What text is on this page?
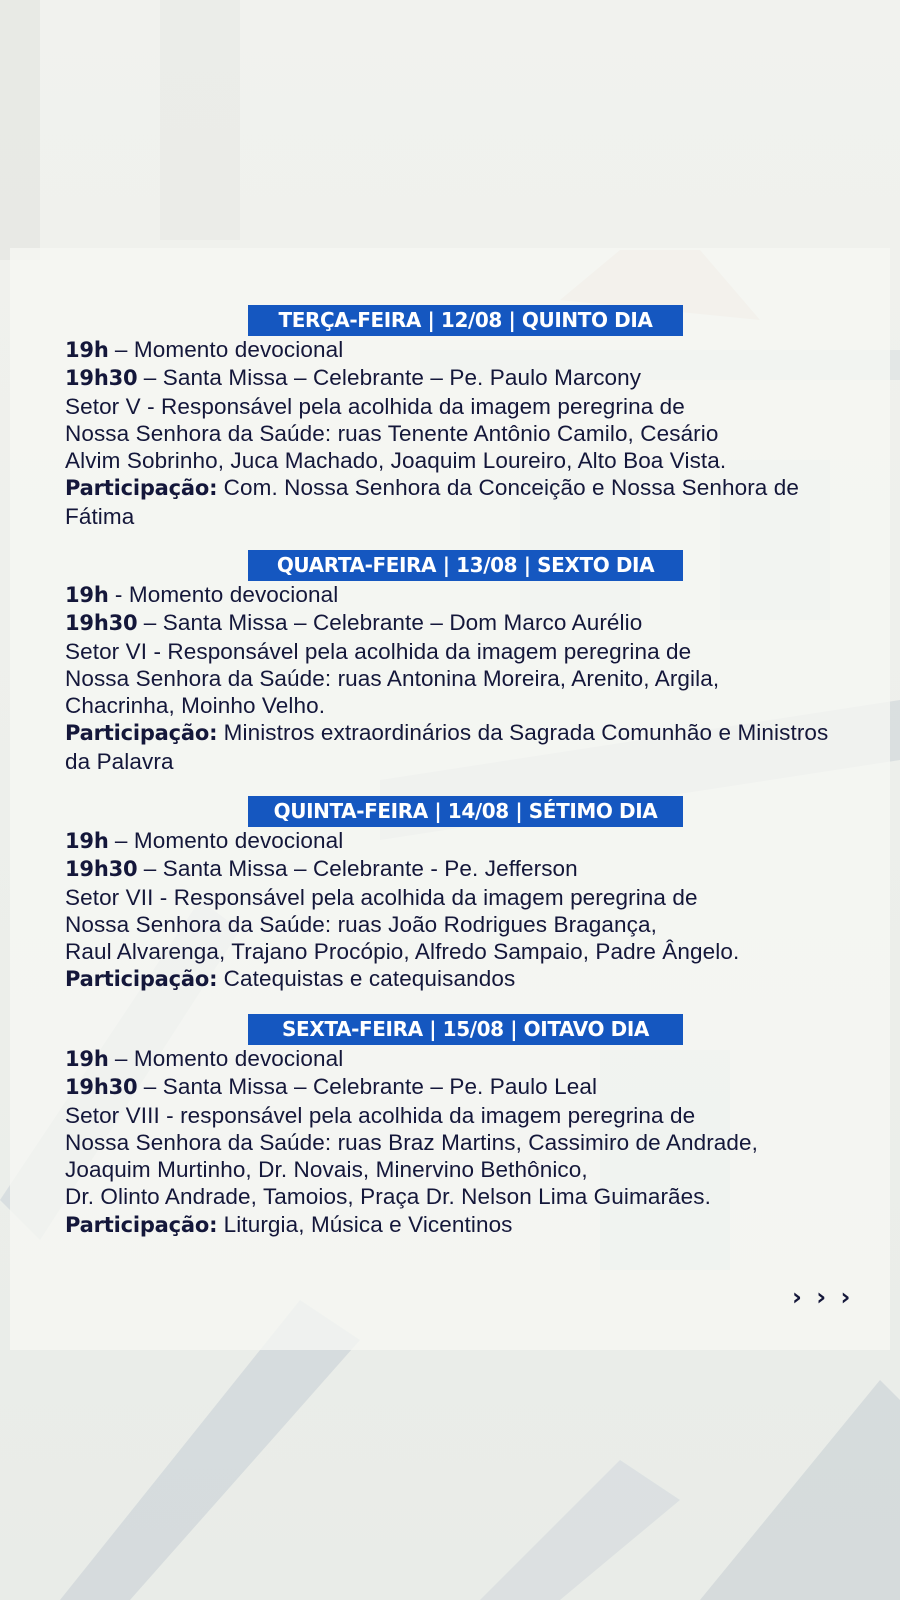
TERÇA-FEIRA | 12/08 | QUINTO DIA
19h – Momento devocional
19h30 – Santa Missa – Celebrante – Pe. Paulo Marcony
Setor V - Responsável pela acolhida da imagem peregrina de
Nossa Senhora da Saúde: ruas Tenente Antônio Camilo, Cesário
Alvim Sobrinho, Juca Machado, Joaquim Loureiro, Alto Boa Vista.
Participação: Com. Nossa Senhora da Conceição e Nossa Senhora de Fátima
QUARTA-FEIRA | 13/08 | SEXTO DIA
19h - Momento devocional
19h30 – Santa Missa – Celebrante – Dom Marco Aurélio
Setor VI - Responsável pela acolhida da imagem peregrina de
Nossa Senhora da Saúde: ruas Antonina Moreira, Arenito, Argila,
Chacrinha, Moinho Velho.
Participação: Ministros extraordinários da Sagrada Comunhão e Ministros da Palavra
QUINTA-FEIRA | 14/08 | SÉTIMO DIA
19h – Momento devocional
19h30 – Santa Missa – Celebrante - Pe. Jefferson
Setor VII - Responsável pela acolhida da imagem peregrina de
Nossa Senhora da Saúde: ruas João Rodrigues Bragança,
Raul Alvarenga, Trajano Procópio, Alfredo Sampaio, Padre Ângelo.
Participação: Catequistas e catequisandos
SEXTA-FEIRA | 15/08 | OITAVO DIA
19h – Momento devocional
19h30 – Santa Missa – Celebrante – Pe. Paulo Leal
Setor VIII - responsável pela acolhida da imagem peregrina de
Nossa Senhora da Saúde: ruas Braz Martins, Cassimiro de Andrade,
Joaquim Murtinho, Dr. Novais, Minervino Bethônico,
Dr. Olinto Andrade, Tamoios, Praça Dr. Nelson Lima Guimarães.
Participação: Liturgia, Música e Vicentinos
› › ›
